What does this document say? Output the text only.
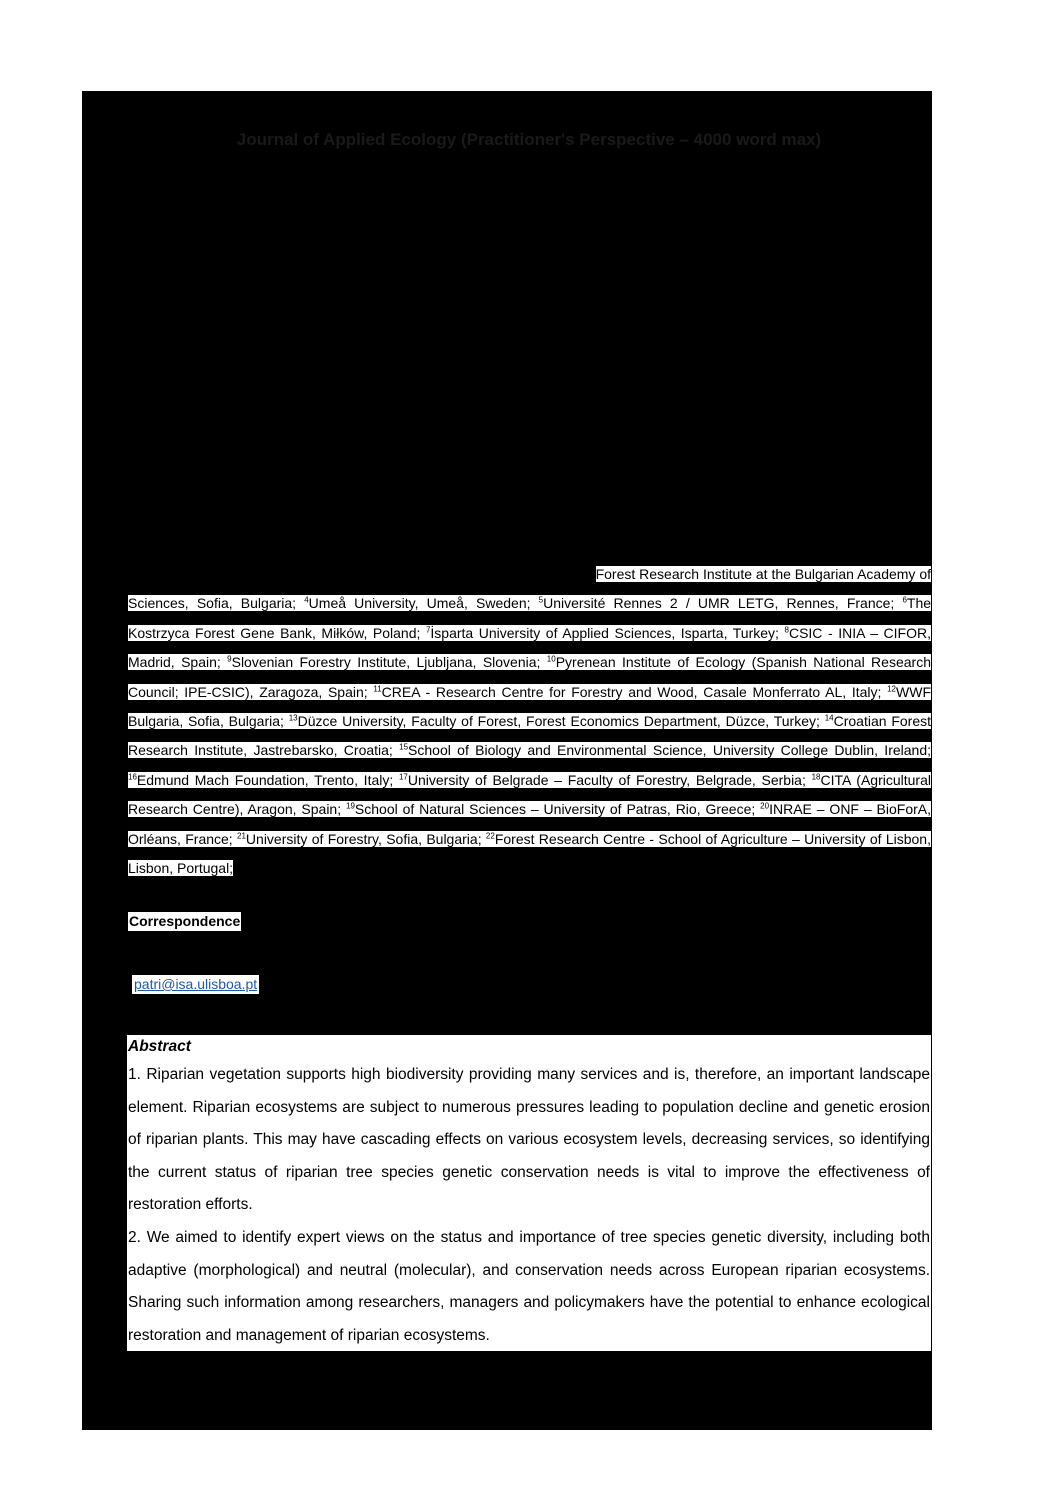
Journal of Applied Ecology (Practitioner's Perspective – 4000 word max)
Forest Research Institute at the Bulgarian Academy of
Sciences, Sofia, Bulgaria; $^4$Umeå University, Umeå, Sweden; $^5$Université Rennes 2 / UMR LETG, Rennes, France; $^6$The Kostrzyca Forest Gene Bank, Miłków, Poland; $^7$İsparta University of Applied Sciences, Isparta, Turkey; $^8$CSIC - INIA – CIFOR, Madrid, Spain; $^9$Slovenian Forestry Institute, Ljubljana, Slovenia; $^{10}$Pyrenean Institute of Ecology (Spanish National Research Council; IPE-CSIC), Zaragoza, Spain; $^{11}$CREA - Research Centre for Forestry and Wood, Casale Monferrato AL, Italy; $^{12}$WWF Bulgaria, Sofia, Bulgaria; $^{13}$Düzce University, Faculty of Forest, Forest Economics Department, Düzce, Turkey; $^{14}$Croatian Forest Research Institute, Jastrebarsko, Croatia; $^{15}$School of Biology and Environmental Science, University College Dublin, Ireland; $^{16}$Edmund Mach Foundation, Trento, Italy; $^{17}$University of Belgrade – Faculty of Forestry, Belgrade, Serbia; $^{18}$CITA (Agricultural Research Centre), Aragon, Spain; $^{19}$School of Natural Sciences – University of Patras, Rio, Greece; $^{20}$INRAE – ONF – BioForA, Orléans, France; $^{21}$University of Forestry, Sofia, Bulgaria; $^{22}$Forest Research Centre - School of Agriculture – University of Lisbon, Lisbon, Portugal;
Correspondence
patri@isa.ulisboa.pt
Abstract

1. Riparian vegetation supports high biodiversity providing many services and is, therefore, an important landscape element. Riparian ecosystems are subject to numerous pressures leading to population decline and genetic erosion of riparian plants. This may have cascading effects on various ecosystem levels, decreasing services, so identifying the current status of riparian tree species genetic conservation needs is vital to improve the effectiveness of restoration efforts.

2. We aimed to identify expert views on the status and importance of tree species genetic diversity, including both adaptive (morphological) and neutral (molecular), and conservation needs across European riparian ecosystems. Sharing such information among researchers, managers and policymakers have the potential to enhance ecological restoration and management of riparian ecosystems.
